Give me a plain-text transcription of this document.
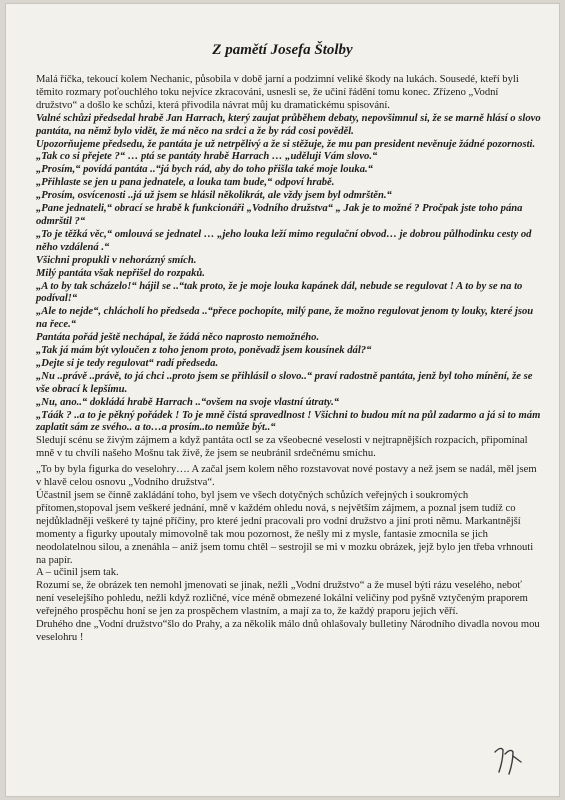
Z pamětí Josefa Štolby

Malá říčka, tekoucí kolem Nechanic, působila v době jarní a podzimní veliké škody na lukách. Sousedé, kteří byli těmito rozmary poťouchlého toku nejvíce zkracováni, usnesli se, že učiní řádění tomu konec. Zřízeno „Vodní družstvo“ a došlo ke schůzi, která přivodila návrat můj ku dramatickému spisování.

Valné schůzi předsedal hrabě Jan Harrach, který zaujat průběhem debaty, nepovšimnul si, že se marně hlásí o slovo pantáta, na němž bylo vidět, že má něco na srdci a že by rád cosi pověděl.

Upozorňujeme předsedu, že pantáta je už netrpělivý a že si stěžuje, že mu pan president nevěnuje žádné pozornosti.

„Tak co si přejete ?“ … ptá se pantáty hrabě Harrach … „uděluji Vám slovo.“

„Prosím,“ povídá pantáta ..“já bych rád, aby do toho přišla také moje louka.“

„Přihlaste se jen u pana jednatele, a louka tam bude,“ odpoví hrabě.

„Prosím, osvícenosti ..já už jsem se hlásil několikrát, ale vždy jsem byl odmrštěn.“

„Pane jednateli,“ obrací se hrabě k funkcionáři „Vodního družstva“ „ Jak je to možné ? Pročpak jste toho pána odmrštil ?“

„To je těžká věc,“ omlouvá se jednatel … „jeho louka leží mimo regulační obvod… je dobrou půlhodinku cesty od něho vzdálená .“

Všichni propukli v nehorázný smích.

Milý pantáta však nepřišel do rozpaků.

„A to by tak scházelo!“ hájil se ..“tak proto, že je moje louka kapánek dál, nebude se regulovat ! A to by se na to podíval!“

„Ale to nejde“, chlácholí ho předseda ..“přece pochopíte, milý pane, že možno regulovat jenom ty louky, které jsou na řece.“

Pantáta pořád ještě nechápal, že žádá něco naprosto nemožného.

„Tak já mám být vyloučen z toho jenom proto, poněvadž jsem kousínek dál?“

„Dejte si je tedy regulovat“ radí předseda.

„Nu ..právě ..právě, to já chci ..proto jsem se přihlásil o slovo..“ praví radostně pantáta, jenž byl toho mínění, že se vše obrací k lepšímu.

„Nu, ano..“ dokládá hrabě Harrach ..“ovšem na svoje vlastní útraty.“

„Táák ? ..a to je pěkný pořádek ! To je mně čistá spravedlnost ! Všichni to budou mít na půl zadarmo a já si to mám zaplatit sám ze svého.. a to…a prosím..to nemůže být..“

Sledují scénu se živým zájmem a když pantáta octl se za všeobecné veselosti v nejtrapnějších rozpacích, připomínal mně v tu chvíli našeho Mošnu tak živě, že jsem se neubránil srdečnému smíchu.

„To by byla figurka do veselohry…. A začal jsem kolem něho rozstavovat nové postavy a než jsem se nadál, měl jsem v hlavě celou osnovu „Vodního družstva“.

Účastnil jsem se činně zakládání toho, byl jsem ve všech dotyčných schůzích veřejných i soukromých přítomen,stopoval jsem veškeré jednání, mně v každém ohledu nová, s největším zájmem, a poznal jsem tudíž co nejdůkladněji veškeré ty tajné příčiny, pro které jední pracovali pro vodní družstvo a jiní proti němu. Markantnější momenty a figurky upoutaly mimovolně tak mou pozornost, že nešly mi z mysle, fantasie zmocnila se jich neodolatelnou silou, a znenáhla – aniž jsem tomu chtěl – sestrojil se mi v mozku obrázek, jejž bylo jen třeba vrhnouti na papír.

A – učinil jsem tak.

Rozumí se, že obrázek ten nemohl jmenovati se jinak, nežli „Vodní družstvo“ a že musel býti rázu veselého, neboť není veselejšího pohledu, nežli když rozličné, více méně obmezené lokální veličiny pod pyšně vztyčeným praporem veřejného prospěchu honí se jen za prospěchem vlastním, a mají za to, že každý praporu jejich věří.

Druhého dne „Vodní družstvo“šlo do Prahy, a za několik málo dnů ohlašovaly bulletiny Národního divadla novou mou veselohru !
